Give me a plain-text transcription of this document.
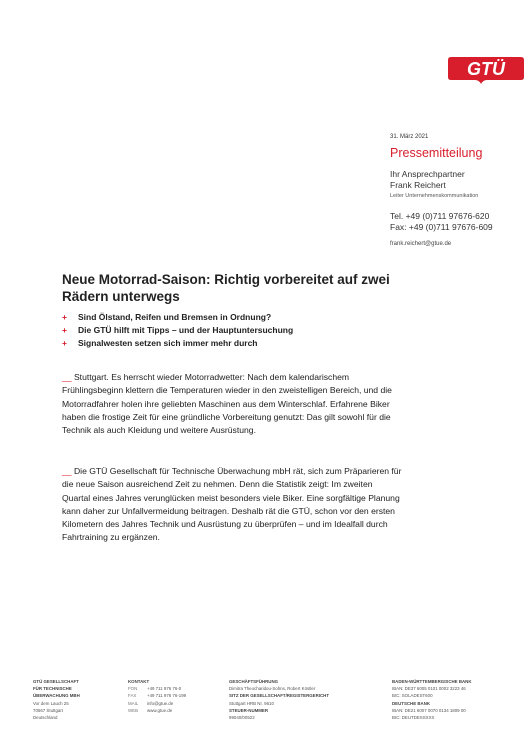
GTÜ
Pressemitteilung
31. März 2021
Ihr Ansprechpartner
Frank Reichert
Leiter Unternehmenskommunikation
Tel. +49 (0)711 97676-620
Fax: +49 (0)711 97676-609
frank.reichert@gtue.de
Neue Motorrad-Saison: Richtig vorbereitet auf zwei Rädern unterwegs
+ Sind Ölstand, Reifen und Bremsen in Ordnung?
+ Die GTÜ hilft mit Tipps – und der Hauptuntersuchung
+ Signalwesten setzen sich immer mehr durch
__ Stuttgart. Es herrscht wieder Motorradwetter: Nach dem kalendarischem Frühlingsbeginn klettern die Temperaturen wieder in den zweistelligen Bereich, und die Motorradfahrer holen ihre geliebten Maschinen aus dem Winterschlaf. Erfahrene Biker haben die frostige Zeit für eine gründliche Vorbereitung genutzt: Das gilt sowohl für die Technik als auch Kleidung und weitere Ausrüstung.
__ Die GTÜ Gesellschaft für Technische Überwachung mbH rät, sich zum Präparieren für die neue Saison ausreichend Zeit zu nehmen. Denn die Statistik zeigt: Im zweiten Quartal eines Jahres verunglücken meist besonders viele Biker. Eine sorgfältige Planung kann daher zur Unfallvermeidung beitragen. Deshalb rät die GTÜ, schon vor den ersten Kilometern des Jahres Technik und Ausrüstung zu überprüfen – und im Idealfall durch Fahrtraining zu ergänzen.
GTÜ GESELLSCHAFT
FÜR TECHNISCHE
ÜBERWACHUNG MBH
Vor dem Lauch 25
70567 Stuttgart
Deutschland
KONTAKT
FON +49 711 976 76-0
FAX +49 711 976 76-199
MAIL info@gtue.de
WEB www.gtue.de
GESCHÄFTSFÜHRUNG
Dimitra Theocharidou-Sohns, Robert Köstler
SITZ DER GESELLSCHAFT/REGISTERGERICHT
Stuttgart HRB Nr. 9610
STEUER-NUMMER
99040/00522
BADEN-WÜRTTEMBERGISCHE BANK
IBAN: DE37 6005 0101 0002 3223 46
BIC: SOLADEST600
DEUTSCHE BANK
IBAN: DE21 6007 0070 0134 1809 00
BIC: DEUTDESSXXX
